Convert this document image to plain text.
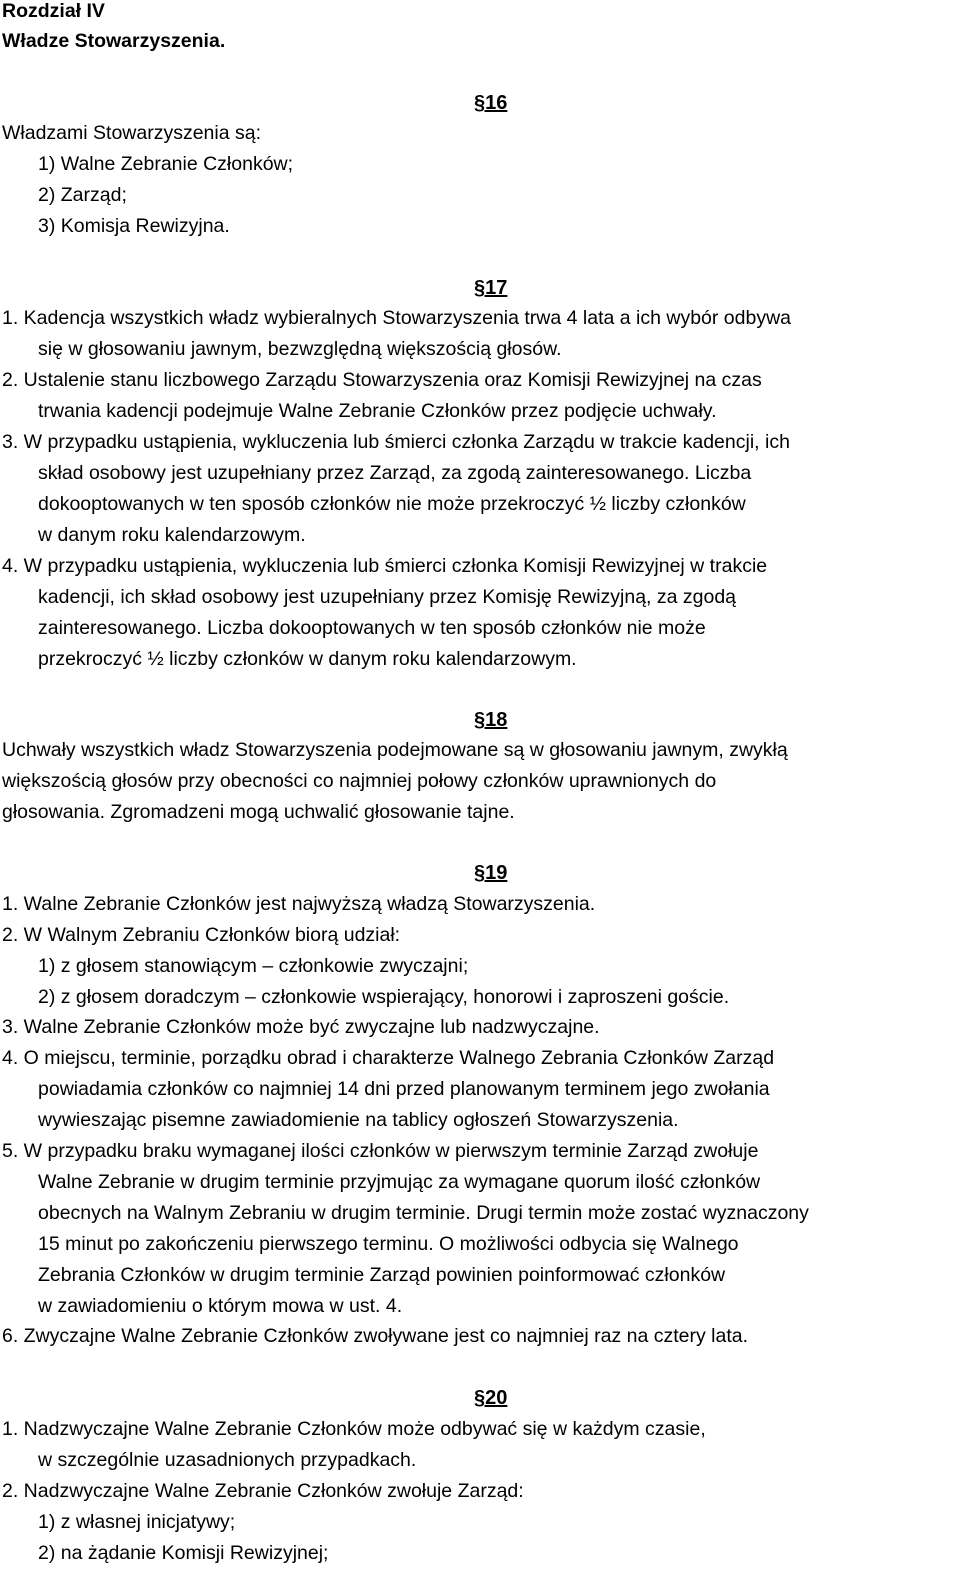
Rozdział IV
Władze Stowarzyszenia.
§16
Władzami Stowarzyszenia są:
1) Walne Zebranie Członków;
2) Zarząd;
3) Komisja Rewizyjna.
§17
1. Kadencja wszystkich władz wybieralnych Stowarzyszenia trwa 4 lata a ich wybór odbywa
się w głosowaniu jawnym, bezwzględną większością głosów.
2. Ustalenie stanu liczbowego Zarządu Stowarzyszenia oraz Komisji Rewizyjnej na czas
trwania kadencji podejmuje Walne Zebranie Członków przez podjęcie uchwały.
3. W przypadku ustąpienia, wykluczenia lub śmierci członka Zarządu w trakcie kadencji, ich
skład osobowy jest uzupełniany przez Zarząd, za zgodą zainteresowanego. Liczba
dokooptowanych w ten sposób członków nie może przekroczyć ½ liczby członków
w danym roku kalendarzowym.
4. W przypadku ustąpienia, wykluczenia lub śmierci członka Komisji Rewizyjnej w trakcie
kadencji, ich skład osobowy jest uzupełniany przez Komisję Rewizyjną, za zgodą
zainteresowanego. Liczba dokooptowanych w ten sposób członków nie może
przekroczyć ½ liczby członków w danym roku kalendarzowym.
§18
Uchwały wszystkich władz Stowarzyszenia podejmowane są w głosowaniu jawnym, zwykłą
większością głosów przy obecności co najmniej połowy członków uprawnionych do
głosowania. Zgromadzeni mogą uchwalić głosowanie tajne.
§19
1. Walne Zebranie Członków jest najwyższą władzą Stowarzyszenia.
2. W Walnym Zebraniu Członków biorą udział:
1) z głosem stanowiącym – członkowie zwyczajni;
2) z głosem doradczym – członkowie wspierający, honorowi i zaproszeni goście.
3. Walne Zebranie Członków może być zwyczajne lub nadzwyczajne.
4. O miejscu, terminie, porządku obrad i charakterze Walnego Zebrania Członków Zarząd
powiadamia członków co najmniej 14 dni przed planowanym terminem jego zwołania
wywieszając pisemne zawiadomienie na tablicy ogłoszeń Stowarzyszenia.
5. W przypadku braku wymaganej ilości członków w pierwszym terminie Zarząd zwołuje
Walne Zebranie w drugim terminie przyjmując za wymagane quorum ilość członków
obecnych na Walnym Zebraniu w drugim terminie. Drugi termin może zostać wyznaczony
15 minut po zakończeniu pierwszego terminu. O możliwości odbycia się Walnego
Zebrania Członków w drugim terminie Zarząd powinien poinformować członków
w zawiadomieniu o którym mowa w ust. 4.
6. Zwyczajne Walne Zebranie Członków zwoływane jest co najmniej raz na cztery lata.
§20
1. Nadzwyczajne Walne Zebranie Członków może odbywać się w każdym czasie,
w szczególnie uzasadnionych przypadkach.
2. Nadzwyczajne Walne Zebranie Członków zwołuje Zarząd:
1) z własnej inicjatywy;
2) na żądanie Komisji Rewizyjnej;
